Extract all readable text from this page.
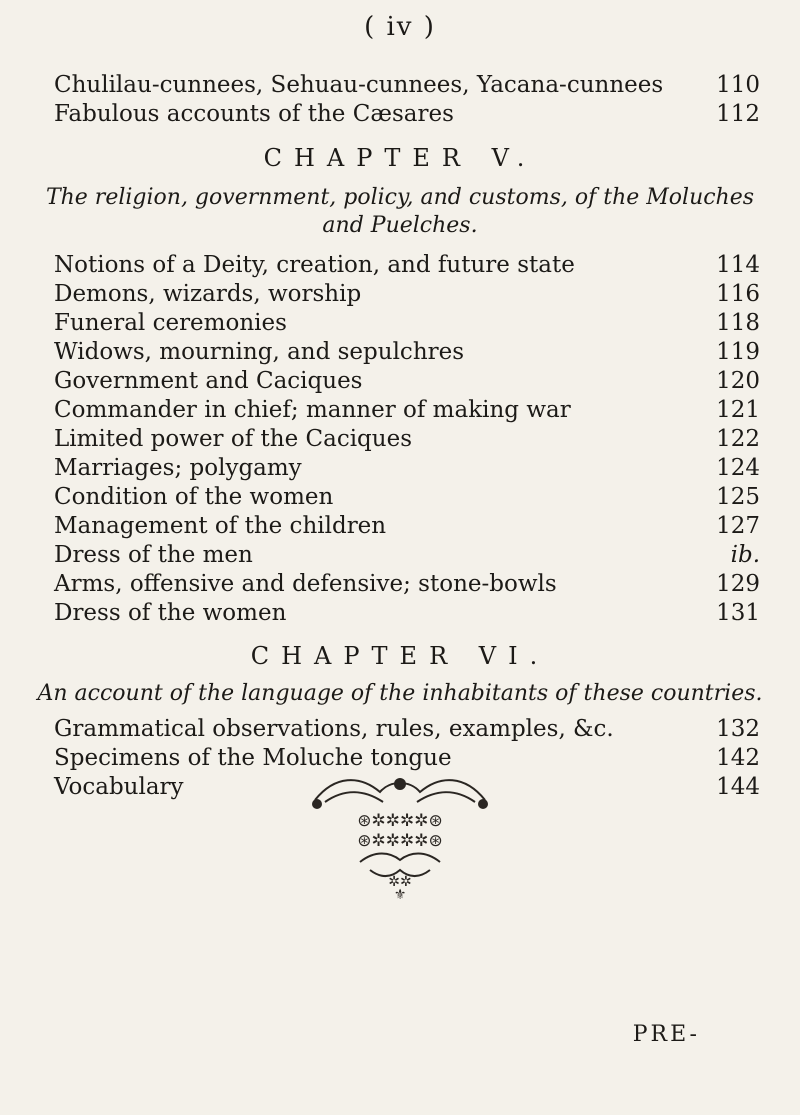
( iv )
Chulilau-cunnees, Sehuau-cunnees, Yacana-cunnees 110
Fabulous accounts of the Cæsares	112
CHAPTER V.
The religion, government, policy, and customs, of the Moluches
and Puelches.
Notions of a Deity, creation, and future state	114
Demons, wizards, worship	116
Funeral ceremonies	118
Widows, mourning, and sepulchres	119
Government and Caciques	120
Commander in chief; manner of making war	121
Limited power of the Caciques	122
Marriages; polygamy	124
Condition of the women	125
Management of the children	127
Dress of the men	ib.
Arms, offensive and defensive; stone-bowls	129
Dress of the women	131
CHAPTER VI.
An account of the language of the inhabitants of these countries.
Grammatical observations, rules, examples, &c.	132
Specimens of the Moluche tongue	142
Vocabulary	144
⊛✲✲✲✲⊛
⊛✲✲✲✲⊛
✲✲
⚜
PRE-
